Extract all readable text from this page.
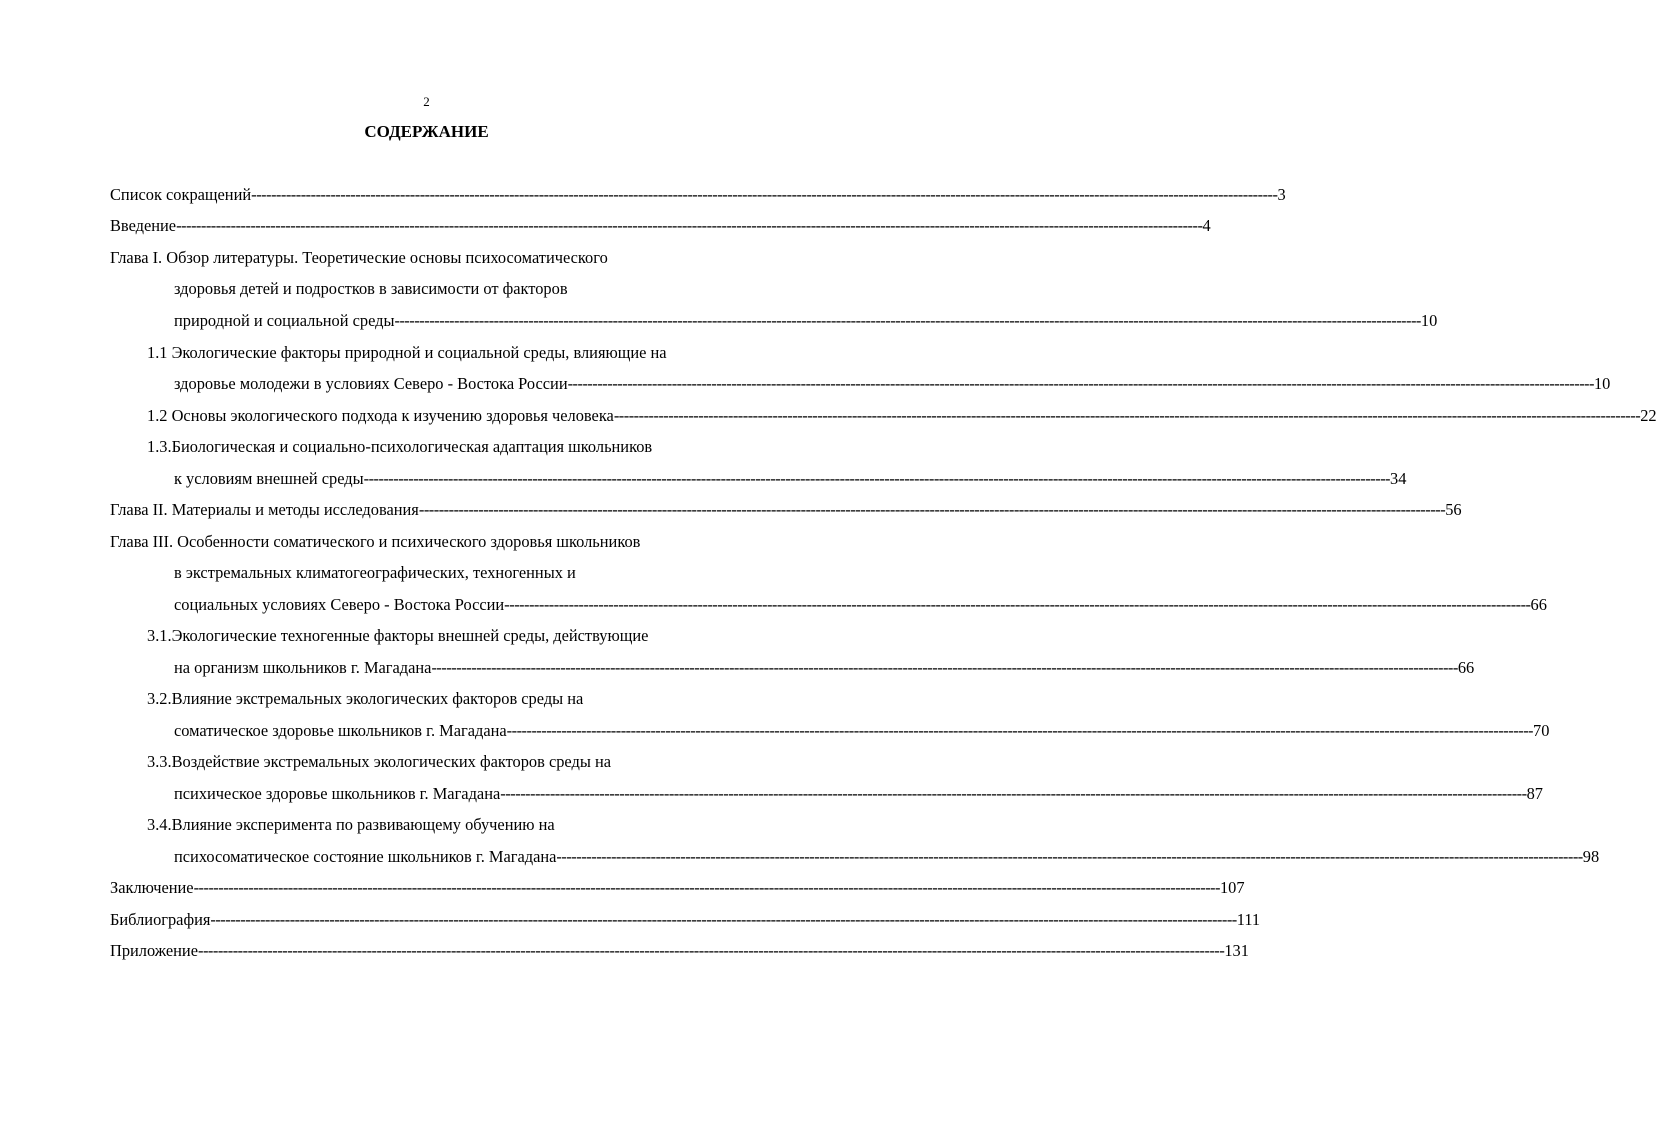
2
СОДЕРЖАНИЕ
Список сокращений --------------------------------------------------------------------------------------------------------------------------------------------------------------------------------------------------------------- 3
Введение --------------------------------------------------------------------------------------------------------------------------------------------------------------------------------------------------------------- 4
Глава I. Обзор литературы. Теоретические основы психосоматического
здоровья детей и подростков в зависимости от факторов
природной и социальной среды --------------------------------------------------------------------------------------------------------------------------------------------------------------------------------------------------------------- 10
1.1 Экологические факторы природной и социальной среды, влияющие на
здоровье молодежи в условиях Северо - Востока России --------------------------------------------------------------------------------------------------------------------------------------------------------------------------------------------------------------- 10
1.2 Основы экологического подхода к изучению здоровья человека --------------------------------------------------------------------------------------------------------------------------------------------------------------------------------------------------------------- 22
1.3.Биологическая и социально-психологическая адаптация школьников
к условиям внешней среды --------------------------------------------------------------------------------------------------------------------------------------------------------------------------------------------------------------- 34
Глава II. Материалы и методы исследования --------------------------------------------------------------------------------------------------------------------------------------------------------------------------------------------------------------- 56
Глава III. Особенности соматического и психического здоровья школьников
в экстремальных климатогеографических, техногенных и
социальных условиях Северо - Востока России --------------------------------------------------------------------------------------------------------------------------------------------------------------------------------------------------------------- 66
3.1.Экологические техногенные факторы внешней среды, действующие
на организм школьников г. Магадана --------------------------------------------------------------------------------------------------------------------------------------------------------------------------------------------------------------- 66
3.2.Влияние экстремальных экологических факторов среды на
соматическое здоровье школьников г. Магадана --------------------------------------------------------------------------------------------------------------------------------------------------------------------------------------------------------------- 70
3.3.Воздействие экстремальных экологических факторов среды на
психическое здоровье школьников г. Магадана --------------------------------------------------------------------------------------------------------------------------------------------------------------------------------------------------------------- 87
3.4.Влияние эксперимента по развивающему обучению на
психосоматическое состояние школьников г. Магадана --------------------------------------------------------------------------------------------------------------------------------------------------------------------------------------------------------------- 98
Заключение --------------------------------------------------------------------------------------------------------------------------------------------------------------------------------------------------------------- 107
Библиография --------------------------------------------------------------------------------------------------------------------------------------------------------------------------------------------------------------- 111
Приложение --------------------------------------------------------------------------------------------------------------------------------------------------------------------------------------------------------------- 131
